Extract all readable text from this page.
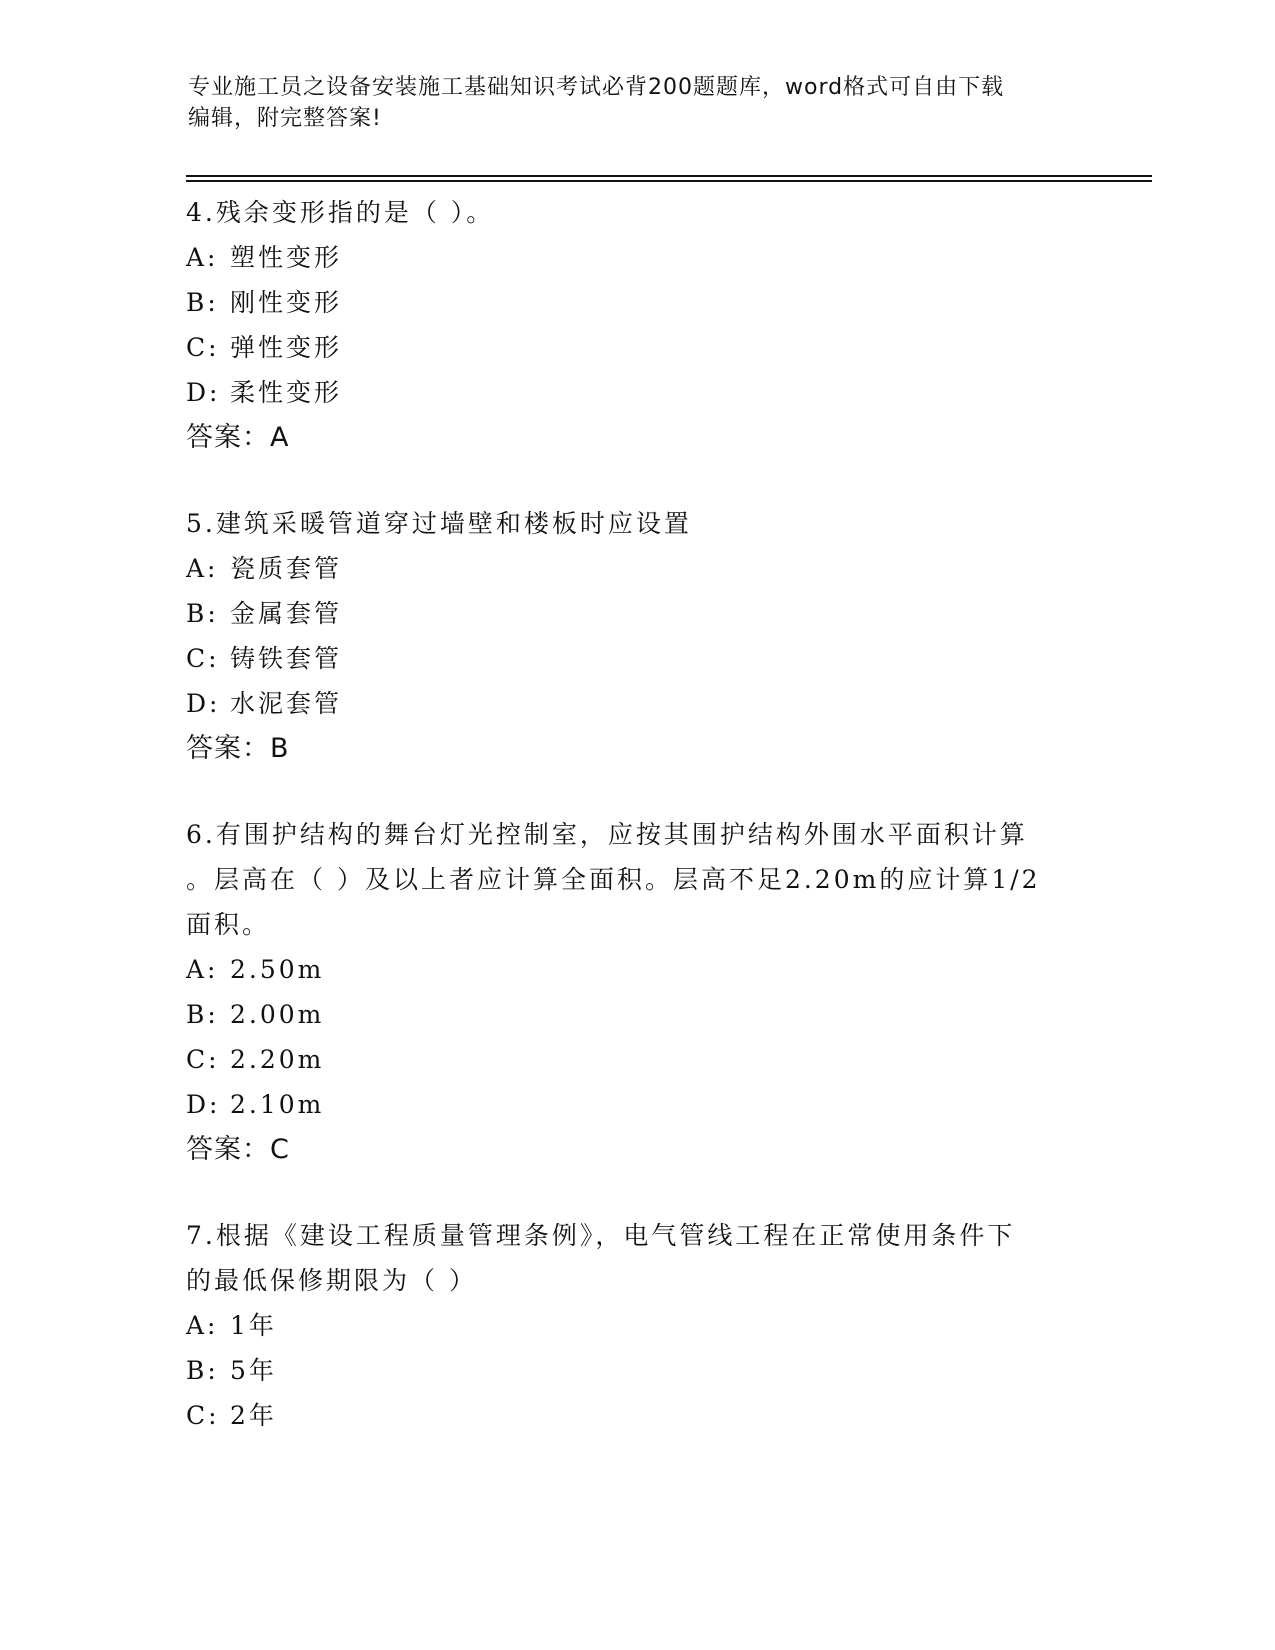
专业施工员之设备安装施工基础知识考试必背200题题库，word格式可自由下载
编辑，附完整答案!

4.残余变形指的是（ ）。

A: 塑性变形

B: 刚性变形

C: 弹性变形

D: 柔性变形

答案：A

5.建筑采暖管道穿过墙壁和楼板时应设置

A: 瓷质套管

B: 金属套管

C: 铸铁套管

D: 水泥套管

答案：B

6.有围护结构的舞台灯光控制室，应按其围护结构外围水平面积计算

。层高在（ ）及以上者应计算全面积。层高不足2.20m的应计算1/2

面积。

A: 2.50m

B: 2.00m

C: 2.20m

D: 2.10m

答案：C

7.根据《建设工程质量管理条例》，电气管线工程在正常使用条件下

的最低保修期限为（ ）

A: 1年

B: 5年

C: 2年
